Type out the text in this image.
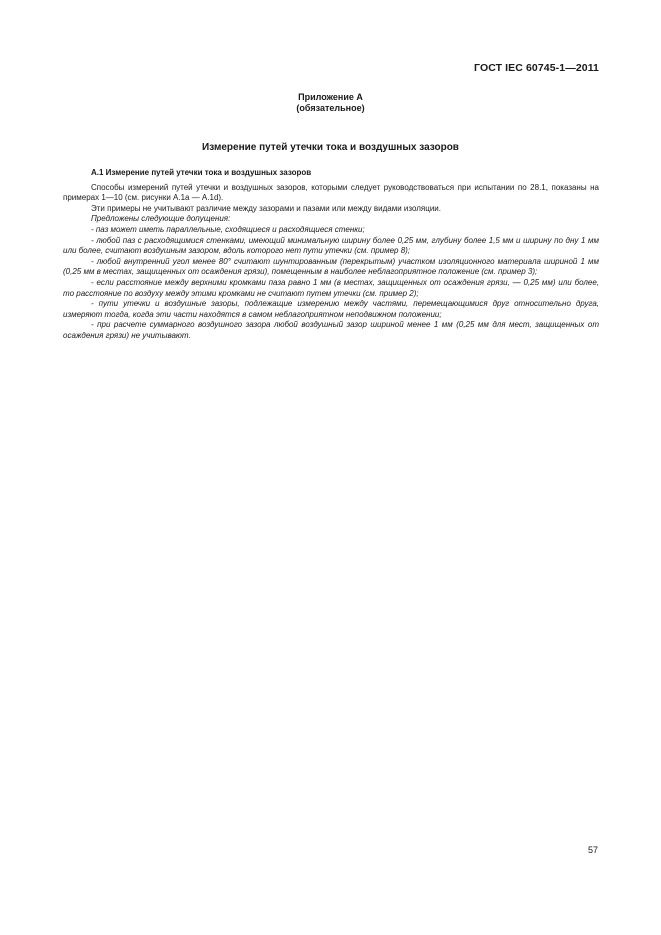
ГОСТ IEC 60745-1—2011
Приложение А
(обязательное)
Измерение путей утечки тока и воздушных зазоров

А.1 Измерение путей утечки тока и воздушных зазоров

Способы измерений путей утечки и воздушных зазоров, которыми следует руководствоваться при испытании по 28.1, показаны на примерах 1—10 (см. рисунки А.1а — А.1d).

Эти примеры не учитывают различие между зазорами и пазами или между видами изоляции.

Предложены следующие допущения:

- паз может иметь параллельные, сходящиеся и расходящиеся стенки;

- любой паз с расходящимися стенками, имеющий минимальную ширину более 0,25 мм, глубину более 1,5 мм и ширину по дну 1 мм или более, считают воздушным зазором, вдоль которого нет пути утечки (см. пример 8);

- любой внутренний угол менее 80° считают шунтированным (перекрытым) участком изоляционного материала шириной 1 мм (0,25 мм в местах, защищенных от осаждения грязи), помещенным в наиболее неблагоприятное положение (см. пример 3);

- если расстояние между верхними кромками паза равно 1 мм (в местах, защищенных от осаждения грязи, — 0,25 мм) или более, то расстояние по воздуху между этими кромками не считают путем утечки (см. пример 2);

- пути утечки и воздушные зазоры, подлежащие измерению между частями, перемещающимися друг относительно друга, измеряют тогда, когда эти части находятся в самом неблагоприятном неподвижном положении;

- при расчете суммарного воздушного зазора любой воздушный зазор шириной менее 1 мм (0,25 мм для мест, защищенных от осаждения грязи) не учитывают.

57
